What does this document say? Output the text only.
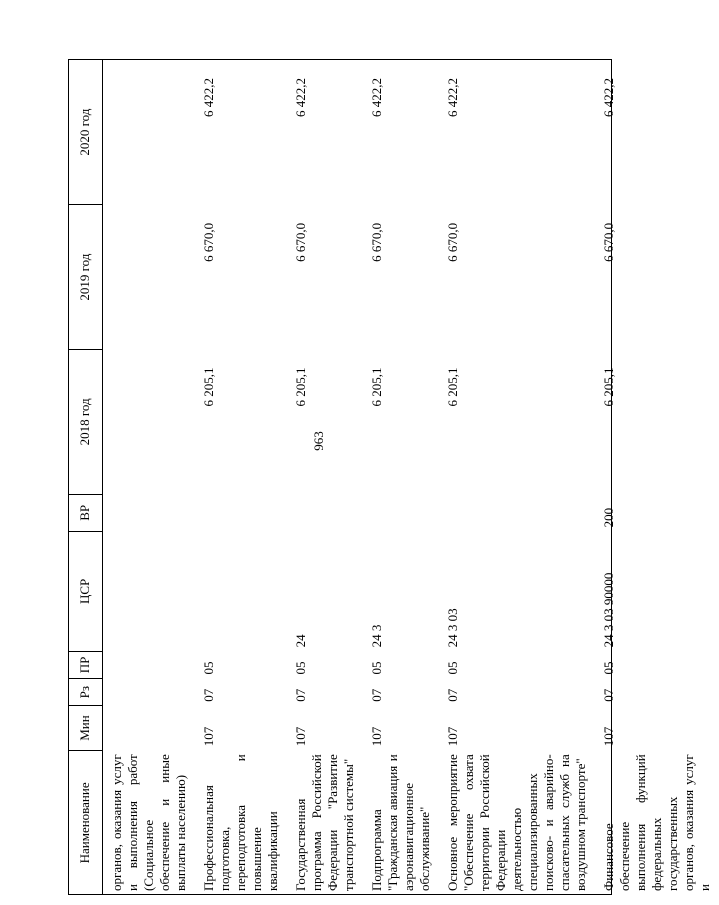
963
Наименование	Мин	Рз	ПР	ЦСР	ВР	2018 год	2019 год	2020 год
органов, оказания услуг и выполнения работ (Социальное обеспечение и иные выплаты населению)								
Профессиональная подготовка, переподготовка и повышение квалификации	107	07	05			6 205,1	6 670,0	6 422,2
Государственная программа Российской Федерации "Развитие транспортной системы"	107	07	05	24		6 205,1	6 670,0	6 422,2
Подпрограмма "Гражданская авиация и аэронавигационное обслуживание"	107	07	05	24 3		6 205,1	6 670,0	6 422,2
Основное мероприятие "Обеспечение охвата территории Российской Федерации деятельностью специализированных поисково- и аварийно-спасательных служб на воздушном транспорте"	107	07	05	24 3 03		6 205,1	6 670,0	6 422,2
Финансовое обеспечение выполнения функций федеральных государственных органов, оказания услуг и	107	07	05	24 3 03 90000	200	6 205,1	6 670,0	6 422,2
